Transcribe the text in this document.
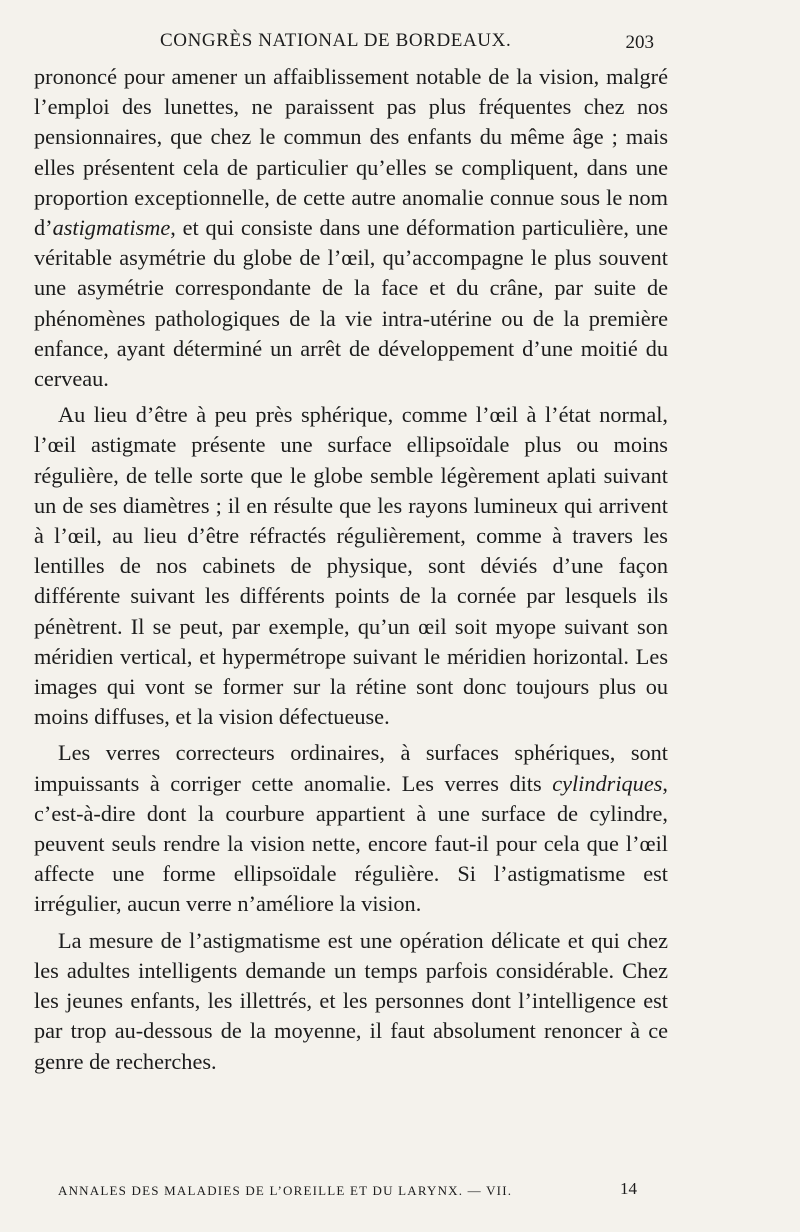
CONGRÈS NATIONAL DE BORDEAUX.	203

prononcé pour amener un affaiblissement notable de la vision, malgré l’emploi des lunettes, ne paraissent pas plus fréquentes chez nos pensionnaires, que chez le commun des enfants du même âge ; mais elles présentent cela de particulier qu’elles se compliquent, dans une proportion exceptionnelle, de cette autre anomalie connue sous le nom d’astigmatisme, et qui consiste dans une déformation particulière, une véritable asymétrie du globe de l’œil, qu’accompagne le plus souvent une asymétrie correspondante de la face et du crâne, par suite de phénomènes pathologiques de la vie intra-utérine ou de la première enfance, ayant déterminé un arrêt de développement d’une moitié du cerveau.

Au lieu d’être à peu près sphérique, comme l’œil à l’état normal, l’œil astigmate présente une surface ellipsoïdale plus ou moins régulière, de telle sorte que le globe semble légèrement aplati suivant un de ses diamètres ; il en résulte que les rayons lumineux qui arrivent à l’œil, au lieu d’être réfractés régulièrement, comme à travers les lentilles de nos cabinets de physique, sont déviés d’une façon différente suivant les différents points de la cornée par lesquels ils pénètrent. Il se peut, par exemple, qu’un œil soit myope suivant son méridien vertical, et hypermétrope suivant le méridien horizontal. Les images qui vont se former sur la rétine sont donc toujours plus ou moins diffuses, et la vision défectueuse.

Les verres correcteurs ordinaires, à surfaces sphériques, sont impuissants à corriger cette anomalie. Les verres dits cylindriques, c’est-à-dire dont la courbure appartient à une surface de cylindre, peuvent seuls rendre la vision nette, encore faut-il pour cela que l’œil affecte une forme ellipsoïdale régulière. Si l’astigmatisme est irrégulier, aucun verre n’améliore la vision.

La mesure de l’astigmatisme est une opération délicate et qui chez les adultes intelligents demande un temps parfois considérable. Chez les jeunes enfants, les illettrés, et les personnes dont l’intelligence est par trop au-dessous de la moyenne, il faut absolument renoncer à ce genre de recherches.

ANNALES DES MALADIES DE L’OREILLE ET DU LARYNX. — VII.	14
